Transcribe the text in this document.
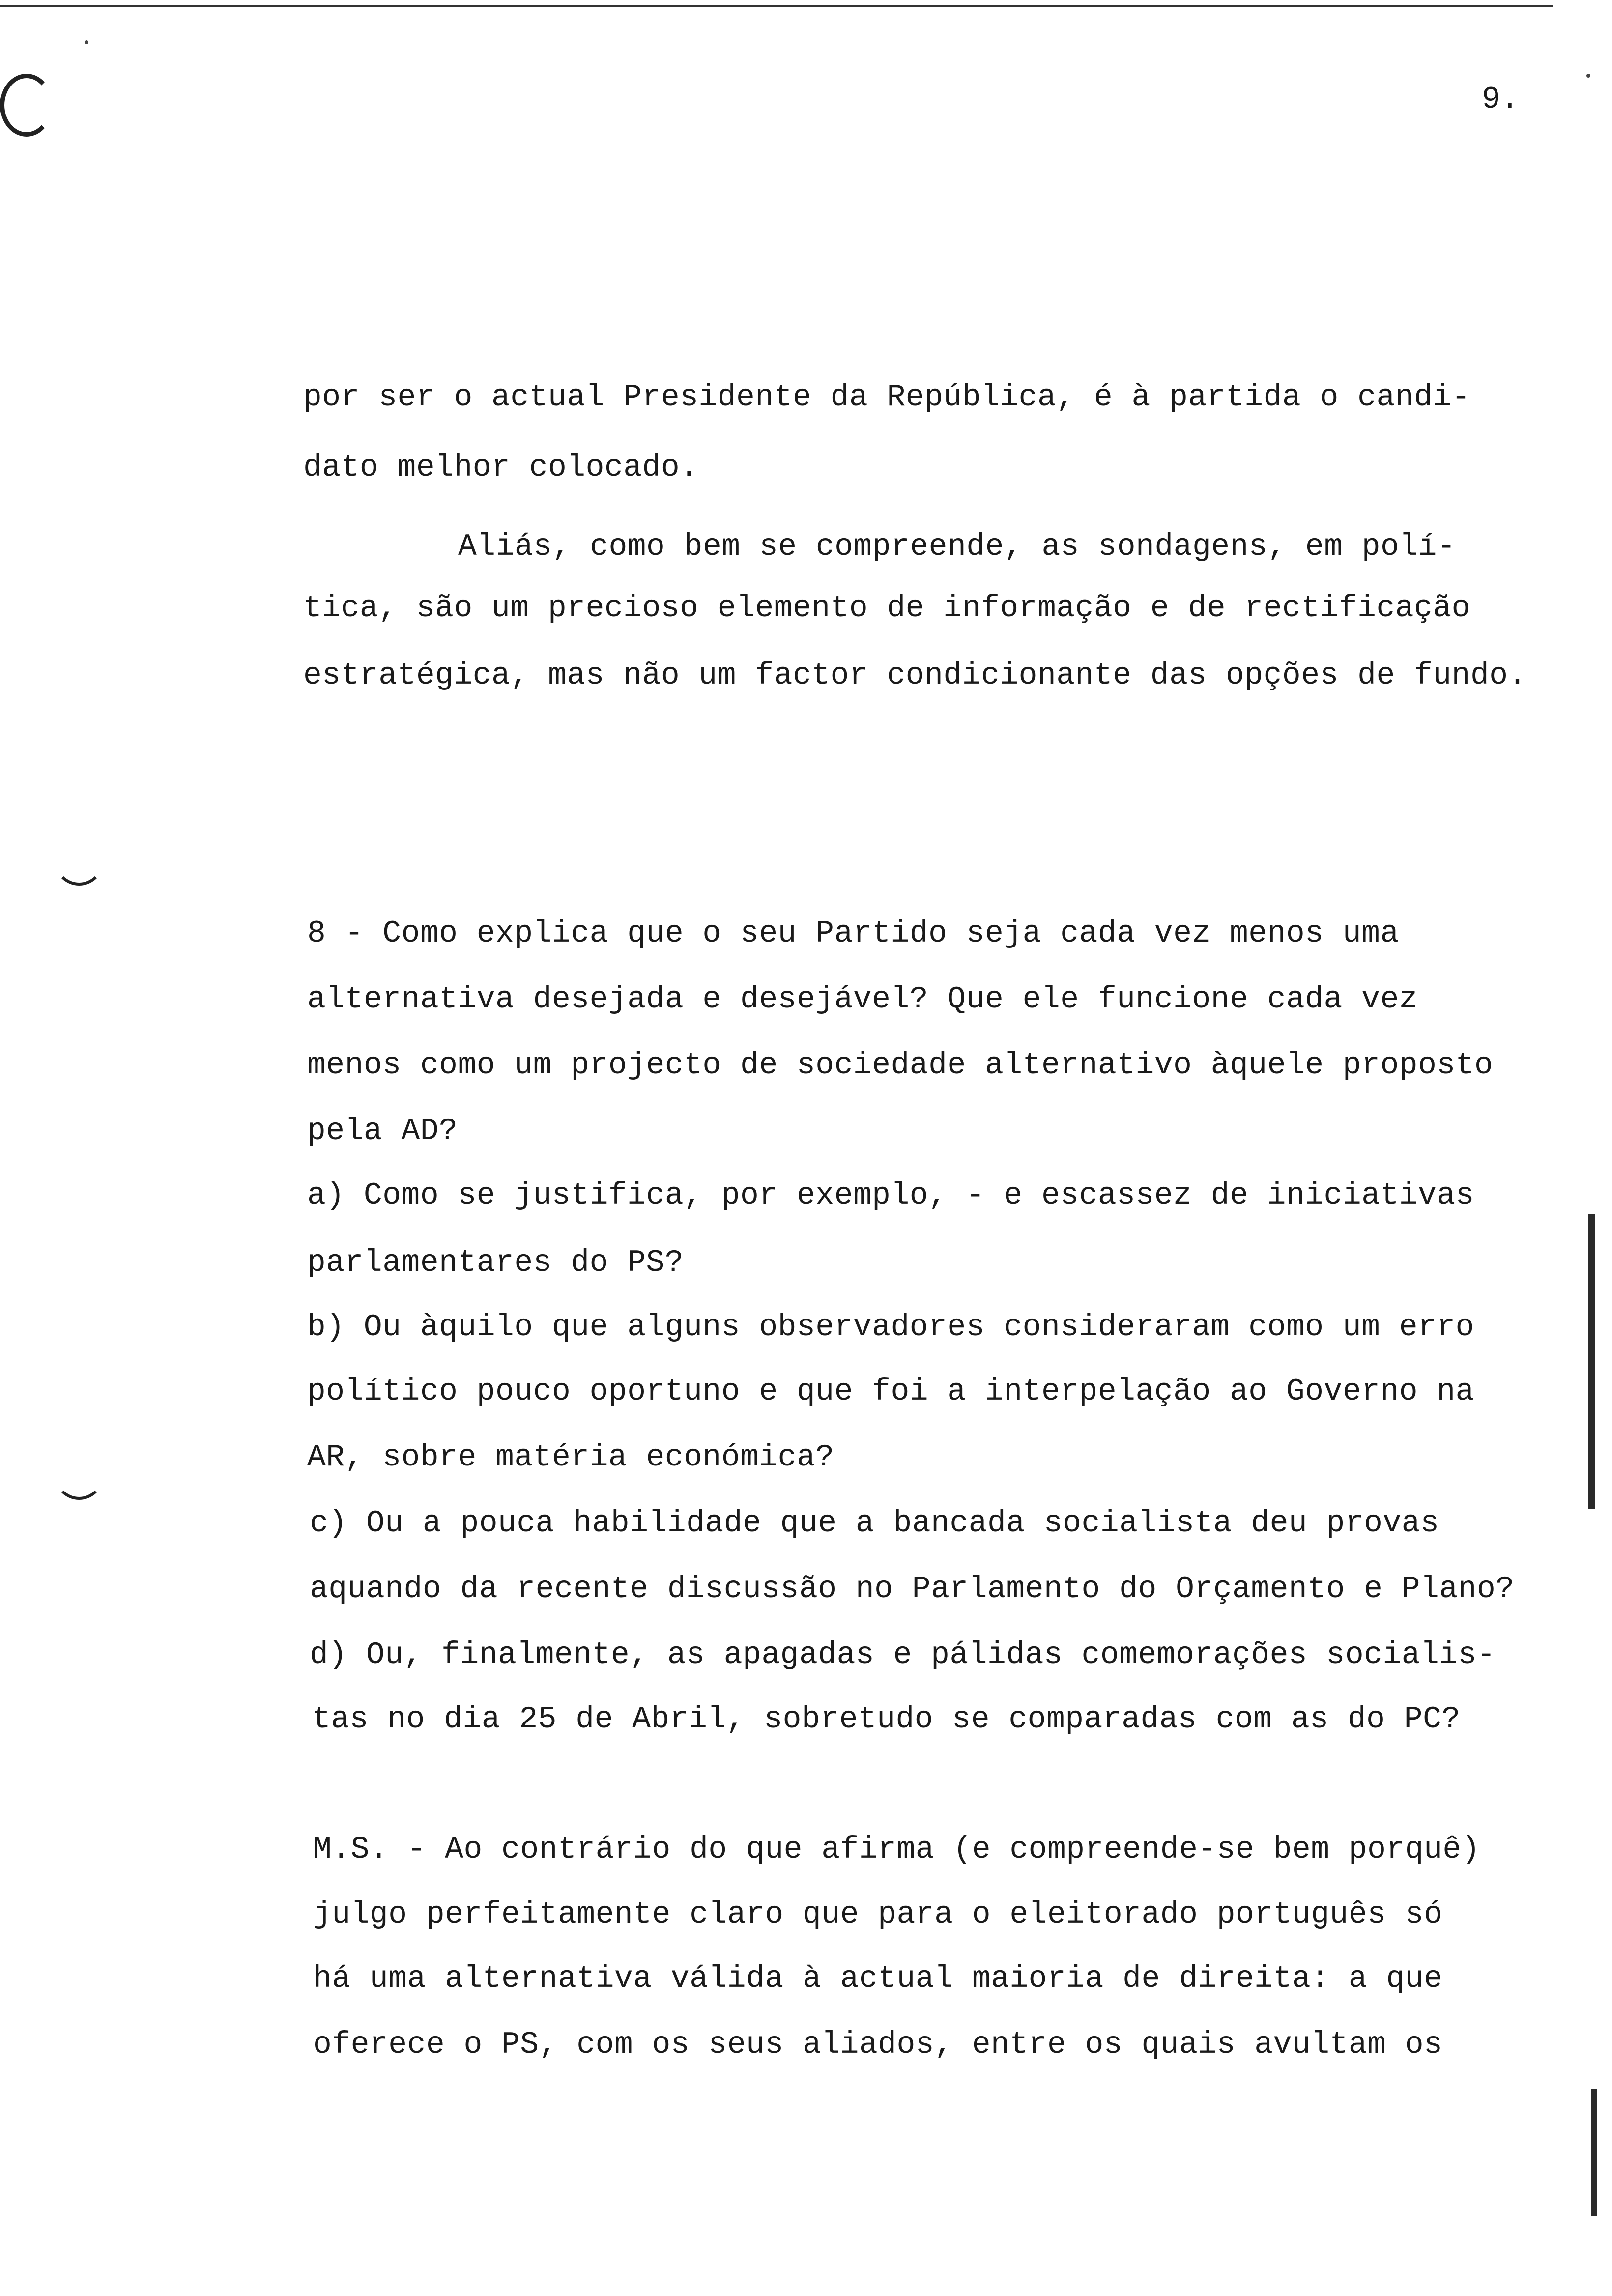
9.
por ser o actual Presidente da República, é à partida o candi-
dato melhor colocado.
Aliás, como bem se compreende, as sondagens, em polí-
tica, são um precioso elemento de informação e de rectificação
estratégica, mas não um factor condicionante das opções de fundo.
8 - Como explica que o seu Partido seja cada vez menos uma
alternativa desejada e desejável? Que ele funcione cada vez
menos como um projecto de sociedade alternativo àquele proposto
pela AD?
a) Como se justifica, por exemplo, - e escassez de iniciativas
parlamentares do PS?
b) Ou àquilo que alguns observadores consideraram como um erro
político pouco oportuno e que foi a interpelação ao Governo na
AR, sobre matéria económica?
c) Ou a pouca habilidade que a bancada socialista deu provas
aquando da recente discussão no Parlamento do Orçamento e Plano?
d) Ou, finalmente, as apagadas e pálidas comemorações socialis-
tas no dia 25 de Abril, sobretudo se comparadas com as do PC?
M.S. - Ao contrário do que afirma (e compreende-se bem porquê)
julgo perfeitamente claro que para o eleitorado português só
há uma alternativa válida à actual maioria de direita: a que
oferece o PS, com os seus aliados, entre os quais avultam os
